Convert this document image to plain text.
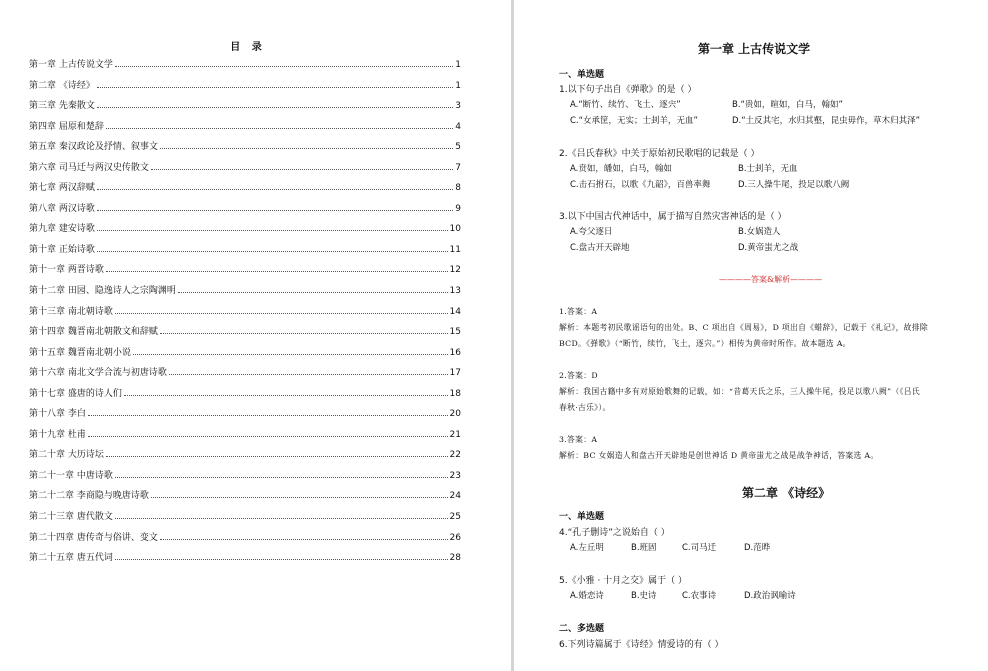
目 录
第一章 上古传说文学	1
第二章 《诗经》	1
第三章 先秦散文	3
第四章 屈原和楚辞	4
第五章 秦汉政论及抒情、叙事文	5
第六章 司马迁与两汉史传散文	7
第七章 两汉辞赋	8
第八章 两汉诗歌	9
第九章 建安诗歌	10
第十章 正始诗歌	11
第十一章 两晋诗歌	12
第十二章 田园、隐逸诗人之宗陶渊明	13
第十三章 南北朝诗歌	14
第十四章 魏晋南北朝散文和辞赋	15
第十五章 魏晋南北朝小说	16
第十六章 南北文学合流与初唐诗歌	17
第十七章 盛唐的诗人们	18
第十八章 李白	20
第十九章 杜甫	21
第二十章 大历诗坛	22
第二十一章 中唐诗歌	23
第二十二章 李商隐与晚唐诗歌	24
第二十三章 唐代散文	25
第二十四章 唐传奇与俗讲、变文	26
第二十五章 唐五代词	28
第一章 上古传说文学
一、单选题
1.以下句子出自《弹歌》的是（ ）
A.“断竹、续竹、飞土、逐宍”	B.“贵如，暄如，白马，翰如”
C.“女承筐，无实；士刲羊，无血”	D.“土反其宅，水归其壑，昆虫毋作，草木归其泽”
2.《吕氏春秋》中关于原始初民歌唱的记载是（ ）
A.贲如，皤如，白马，翰如	B.士刲羊，无血
C.击石拊石，以歌《九韶》，百兽率舞	D.三人操牛尾，投足以歌八阙
3.以下中国古代神话中，属于描写自然灾害神话的是（ ）
A.夸父逐日	B.女娲造人
C.盘古开天辟地	D.黄帝蚩尤之战
————答案&解析————
1.答案：A
解析：本题考初民歌谣语句的出处。B、C 项出自《周易》，D 项出自《蜡辞》，记载于《礼记》，故排除
BCD。《弹歌》（“断竹，续竹，飞土，逐宍。”）相传为黄帝时所作。故本题选 A。
2.答案：D
解析：我国古籍中多有对原始歌舞的记载，如：“昔葛天氏之乐，三人操牛尾，投足以歌八阙”（《吕氏
春秋·古乐》）。
3.答案：A
解析：BC 女娲造人和盘古开天辟地是创世神话 D 黄帝蚩尤之战是战争神话，答案选 A。
第二章 《诗经》
一、单选题
4.“孔子删诗”之说始自（ ）
A.左丘明	B.班固	C.司马迁	D.范晔
5.《小雅 · 十月之交》属于（ ）
A.婚恋诗	B.史诗	C.农事诗	D.政治讽喻诗
二、多选题
6.下列诗篇属于《诗经》情爱诗的有（ ）
